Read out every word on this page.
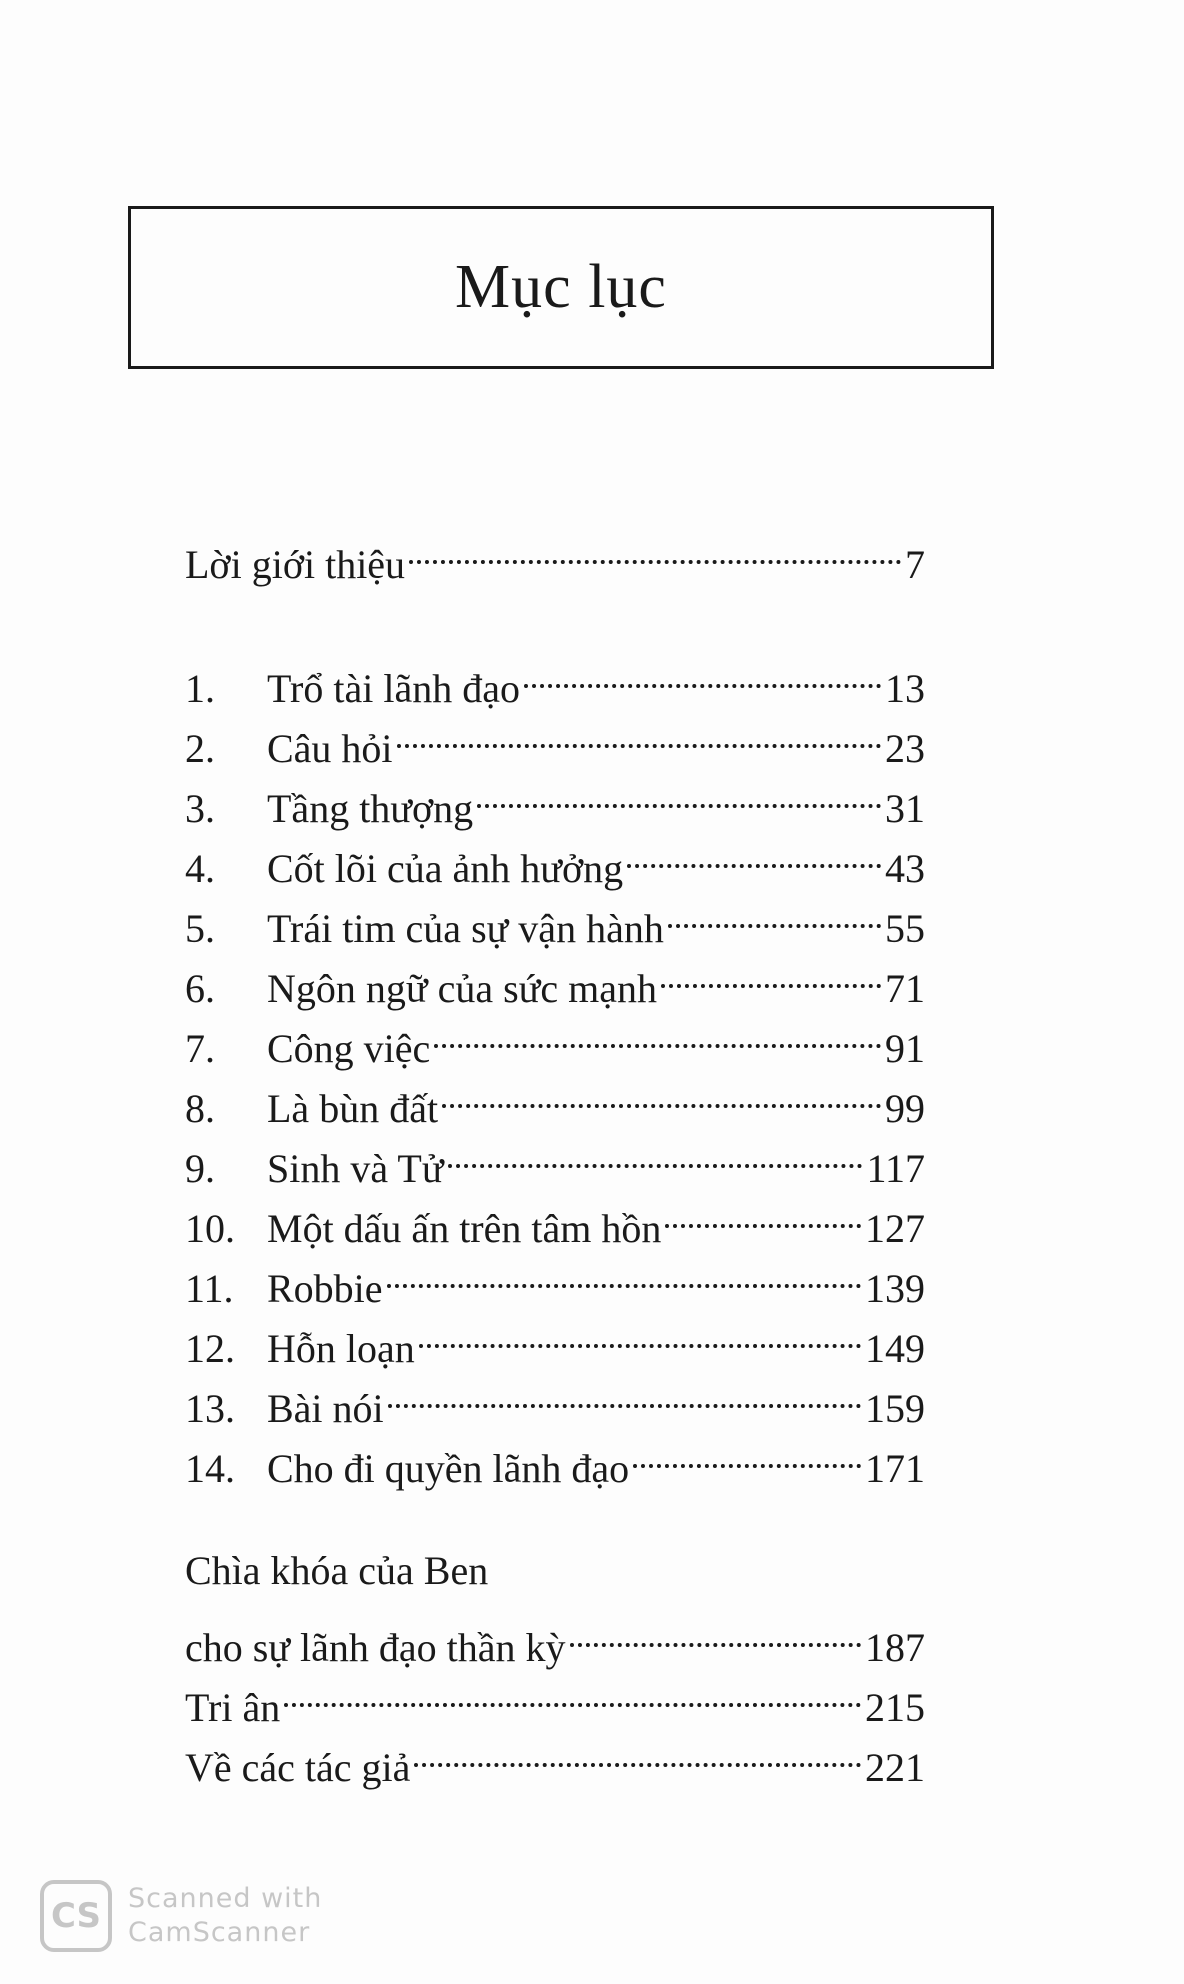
Mục lục
Lời giới thiệu	7
1.	Trổ tài lãnh đạo	13
2.	Câu hỏi	23
3.	Tầng thượng	31
4.	Cốt lõi của ảnh hưởng	43
5.	Trái tim của sự vận hành	55
6.	Ngôn ngữ của sức mạnh	71
7.	Công việc	91
8.	Là bùn đất	99
9.	Sinh và Tử	117
10. Một dấu ấn trên tâm hồn	127
11. Robbie	139
12. Hỗn loạn	149
13. Bài nói	159
14. Cho đi quyền lãnh đạo	171
Chìa khóa của Ben
cho sự lãnh đạo thần kỳ	187
Tri ân	215
Về các tác giả	221
CS Scanned with
CamScanner
